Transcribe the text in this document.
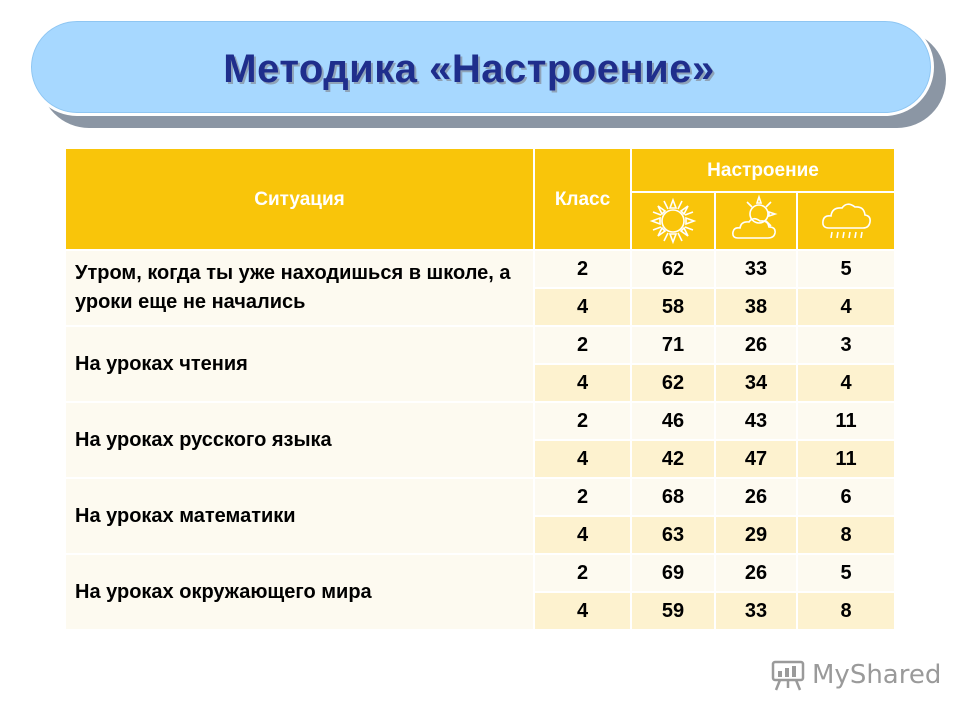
Методика «Настроение»
Ситуация	Класс	Настроение		

Утром, когда ты уже находишься в школе, а уроки еще не начались	2	62	33	5
	4	58	38	4
На уроках чтения	2	71	26	3
	4	62	34	4
На уроках русского языка	2	46	43	11
	4	42	47	11
На уроках математики	2	68	26	6
	4	63	29	8
На уроках окружающего мира	2	69	26	5
	4	59	33	8
MyShared
